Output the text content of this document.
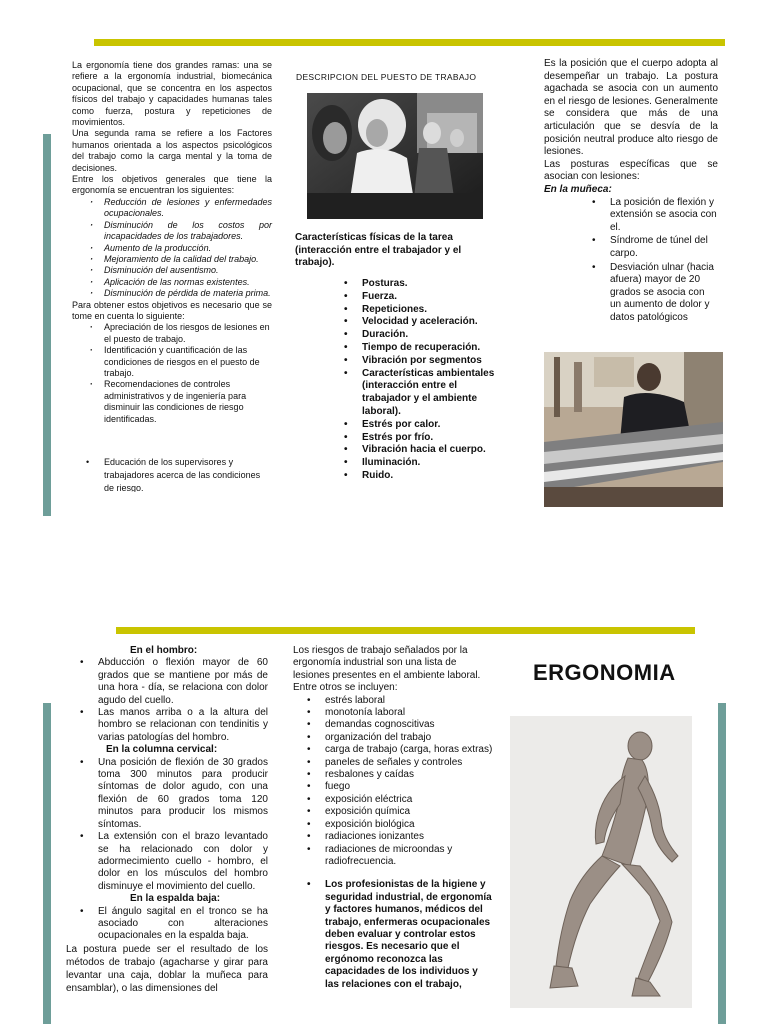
La ergonomía tiene dos grandes ramas: una se refiere a la ergonomía industrial, biomecánica ocupacional, que se concentra en los aspectos físicos del trabajo y capacidades humanas tales como fuerza, postura y repeticiones de movimientos.

Una segunda rama se refiere a los Factores humanos orientada a los aspectos psicológicos del trabajo como la carga mental y la toma de decisiones.

Entre los objetivos generales que tiene la ergonomía se encuentran los siguientes:

· Reducción de lesiones y enfermedades ocupacionales.
· Disminución de los costos por incapacidades de los trabajadores.
· Aumento de la producción.
· Mejoramiento de la calidad del trabajo.
· Disminución del ausentismo.
· Aplicación de las normas existentes.
· Disminución de pérdida de materia prima.

Para obtener estos objetivos es necesario que se tome en cuenta lo siguiente:

· Apreciación de los riesgos de lesiones en el puesto de trabajo.
· Identificación y cuantificación de las condiciones de riesgos en el puesto de trabajo.
· Recomendaciones de controles administrativos y de ingeniería para disminuir las condiciones de riesgo identificadas.
• Educación de los supervisores y trabajadores acerca de las condiciones de riesgo.
DESCRIPCION DEL PUESTO DE TRABAJO
Características físicas de la tarea (interacción entre el trabajador y el trabajo).
• Posturas.
• Fuerza.
• Repeticiones.
• Velocidad y aceleración.
• Duración.
• Tiempo de recuperación.
• Vibración por segmentos
• Características ambientales (interacción entre el trabajador y el ambiente laboral).
• Estrés por calor.
• Estrés por frío.
• Vibración hacia el cuerpo.
• Iluminación.
• Ruido.

Es la posición que el cuerpo adopta al desempeñar un trabajo. La postura agachada se asocia con un aumento en el riesgo de lesiones. Generalmente se considera que más de una articulación que se desvía de la posición neutral produce alto riesgo de lesiones.

Las posturas específicas que se asocian con lesiones:

En la muñeca:

• La posición de flexión y extensión se asocia con el.
• Síndrome de túnel del carpo.
• Desviación ulnar (hacia afuera) mayor de 20 grados se asocia con un aumento de dolor y datos patológicos

En el hombro:

• Abducción o flexión mayor de 60 grados que se mantiene por más de una hora - día, se relaciona con dolor agudo del cuello.
• Las manos arriba o a la altura del hombro se relacionan con tendinitis y varias patologías del hombro.

En la columna cervical:

• Una posición de flexión de 30 grados toma 300 minutos para producir síntomas de dolor agudo, con una flexión de 60 grados toma 120 minutos para producir los mismos síntomas.
• La extensión con el brazo levantado se ha relacionado con dolor y adormecimiento cuello - hombro, el dolor en los músculos del hombro disminuye el movimiento del cuello.

En la espalda baja:

• El ángulo sagital en el tronco se ha asociado con alteraciones ocupacionales en la espalda baja.

La postura puede ser el resultado de los métodos de trabajo (agacharse y girar para levantar una caja, doblar la muñeca para ensamblar), o las dimensiones del

Los riesgos de trabajo señalados por la ergonomía industrial son una lista de lesiones presentes en el ambiente laboral. Entre otros se incluyen:

• estrés laboral
• monotonía laboral
• demandas cognoscitivas
• organización del trabajo
• carga de trabajo (carga, horas extras)
• paneles de señales y controles
• resbalones y caídas
• fuego
• exposición eléctrica
• exposición química
• exposición biológica
• radiaciones ionizantes
• radiaciones de microondas y radiofrecuencia.
• Los profesionistas de la higiene y seguridad industrial, de ergonomía y factores humanos, médicos del trabajo, enfermeras ocupacionales deben evaluar y controlar estos riesgos. Es necesario que el ergónomo reconozca las capacidades de los individuos y las relaciones con el trabajo,
ERGONOMIA
